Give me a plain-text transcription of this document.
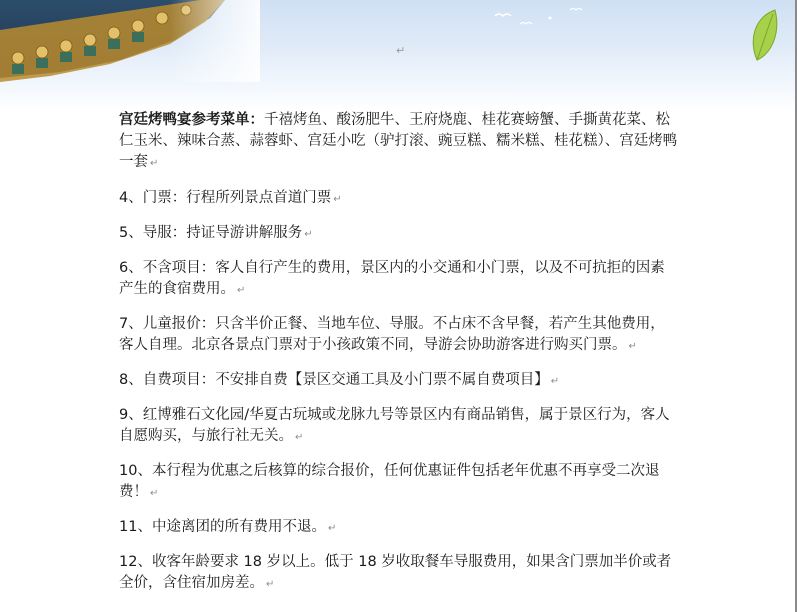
↵

宫廷烤鸭宴参考菜单：千禧烤鱼、酸汤肥牛、王府烧鹿、桂花赛螃蟹、手撕黄花菜、松仁玉米、辣味合蒸、蒜蓉虾、宫廷小吃（驴打滚、豌豆糕、糯米糕、桂花糕）、宫廷烤鸭一套 ↵

4、门票：行程所列景点首道门票 ↵

5、导服：持证导游讲解服务 ↵

6、不含项目：客人自行产生的费用，景区内的小交通和小门票，以及不可抗拒的因素产生的食宿费用。 ↵

7、儿童报价：只含半价正餐、当地车位、导服。不占床不含早餐，若产生其他费用，客人自理。北京各景点门票对于小孩政策不同，导游会协助游客进行购买门票。 ↵

8、自费项目：不安排自费【景区交通工具及小门票不属自费项目】 ↵

9、红博雅石文化园/华夏古玩城或龙脉九号等景区内有商品销售，属于景区行为，客人自愿购买，与旅行社无关。 ↵

10、本行程为优惠之后核算的综合报价，任何优惠证件包括老年优惠不再享受二次退费！ ↵

11、中途离团的所有费用不退。 ↵

12、收客年龄要求 18 岁以上。低于 18 岁收取餐车导服费用，如果含门票加半价或者全价，含住宿加房差。 ↵
